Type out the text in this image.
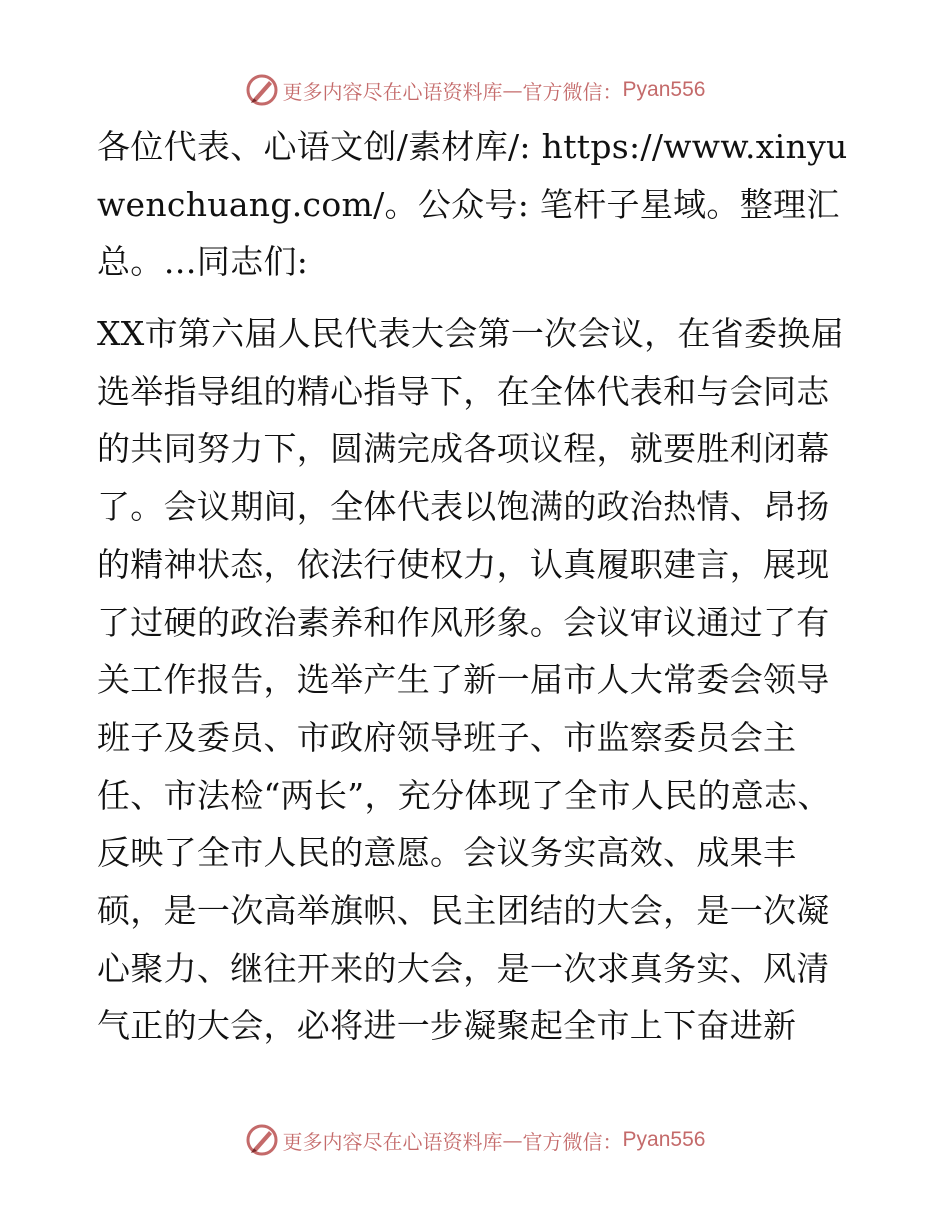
更多内容尽在心语资料库 — 官方微信： Pyan556

各位代表、心语文创/素材库/: https://www.xinyuwenchuang.com/。公众号: 笔杆子星域。整理汇总。…同志们:

XX市第六届人民代表大会第一次会议，在省委换届选举指导组的精心指导下，在全体代表和与会同志的共同努力下，圆满完成各项议程，就要胜利闭幕了。会议期间，全体代表以饱满的政治热情、昂扬的精神状态，依法行使权力，认真履职建言，展现了过硬的政治素养和作风形象。会议审议通过了有关工作报告，选举产生了新一届市人大常委会领导班子及委员、市政府领导班子、市监察委员会主任、市法检“两长”，充分体现了全市人民的意志、反映了全市人民的意愿。会议务实高效、成果丰硕，是一次高举旗帜、民主团结的大会，是一次凝心聚力、继往开来的大会，是一次求真务实、风清气正的大会，必将进一步凝聚起全市上下奋进新

更多内容尽在心语资料库 — 官方微信： Pyan556
